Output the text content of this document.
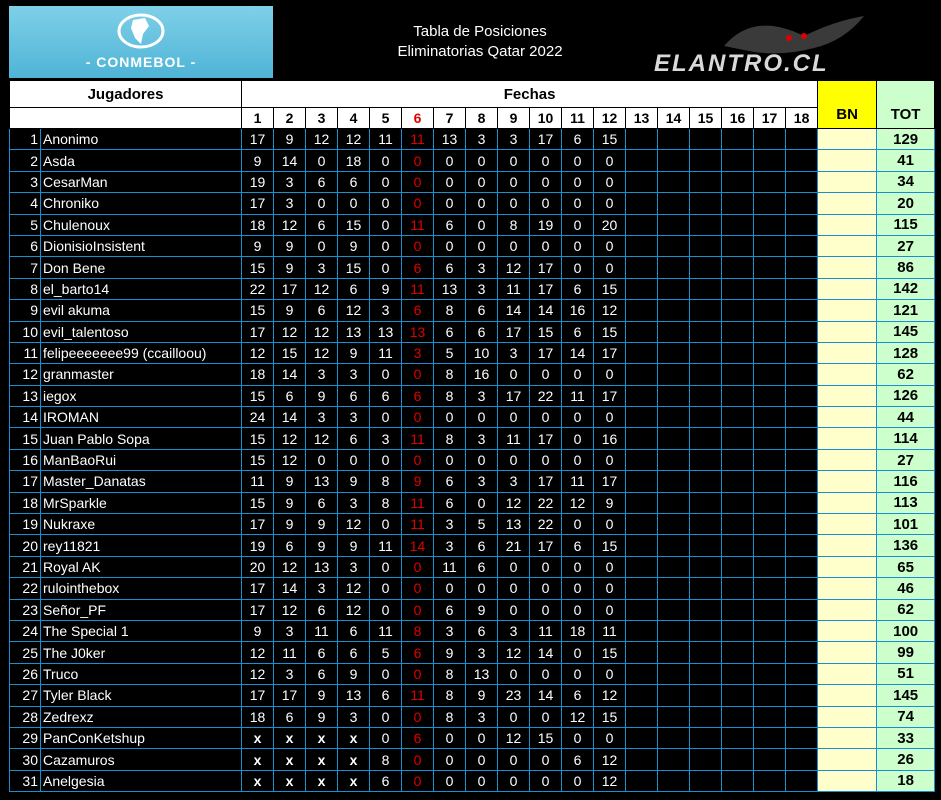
- CONMEBOL -
Tabla de Posiciones
Eliminatorias Qatar 2022	ELANTRO.CL
Jugadores		Fechas																		BN	TOT
		1	2	3	4	5	6	7	8	9	10	11	12	13	14	15	16	17	18		
1	Anonimo	17	9	12	12	11	11	13	3	3	17	6	15								129
2	Asda	9	14	0	18	0	0	0	0	0	0	0	0								41
3	CesarMan	19	3	6	6	0	0	0	0	0	0	0	0								34
4	Chroniko	17	3	0	0	0	0	0	0	0	0	0	0								20
5	Chulenoux	18	12	6	15	0	11	6	0	8	19	0	20								115
6	DionisioInsistent	9	9	0	9	0	0	0	0	0	0	0	0								27
7	Don Bene	15	9	3	15	0	6	6	3	12	17	0	0								86
8	el_barto14	22	17	12	6	9	11	13	3	11	17	6	15								142
9	evil akuma	15	9	6	12	3	6	8	6	14	14	16	12								121
10	evil_talentoso	17	12	12	13	13	13	6	6	17	15	6	15								145
11	felipeeeeeee99 (ccailloou)	12	15	12	9	11	3	5	10	3	17	14	17								128
12	granmaster	18	14	3	3	0	0	8	16	0	0	0	0								62
13	iegox	15	6	9	6	6	6	8	3	17	22	11	17								126
14	IROMAN	24	14	3	3	0	0	0	0	0	0	0	0								44
15	Juan Pablo Sopa	15	12	12	6	3	11	8	3	11	17	0	16								114
16	ManBaoRui	15	12	0	0	0	0	0	0	0	0	0	0								27
17	Master_Danatas	11	9	13	9	8	9	6	3	3	17	11	17								116
18	MrSparkle	15	9	6	3	8	11	6	0	12	22	12	9								113
19	Nukraxe	17	9	9	12	0	11	3	5	13	22	0	0								101
20	rey11821	19	6	9	9	11	14	3	6	21	17	6	15								136
21	Royal AK	20	12	13	3	0	0	11	6	0	0	0	0								65
22	rulointhebox	17	14	3	12	0	0	0	0	0	0	0	0								46
23	Señor_PF	17	12	6	12	0	0	6	9	0	0	0	0								62
24	The Special 1	9	3	11	6	11	8	3	6	3	11	18	11								100
25	The J0ker	12	11	6	6	5	6	9	3	12	14	0	15								99
26	Truco	12	3	6	9	0	0	8	13	0	0	0	0								51
27	Tyler Black	17	17	9	13	6	11	8	9	23	14	6	12								145
28	Zedrexz	18	6	9	3	0	0	8	3	0	0	12	15								74
29	PanConKetshup	x	x	x	x	0	6	0	0	12	15	0	0								33
30	Cazamuros	x	x	x	x	8	0	0	0	0	0	6	12								26
31	Anelgesia	x	x	x	x	6	0	0	0	0	0	0	12								18
